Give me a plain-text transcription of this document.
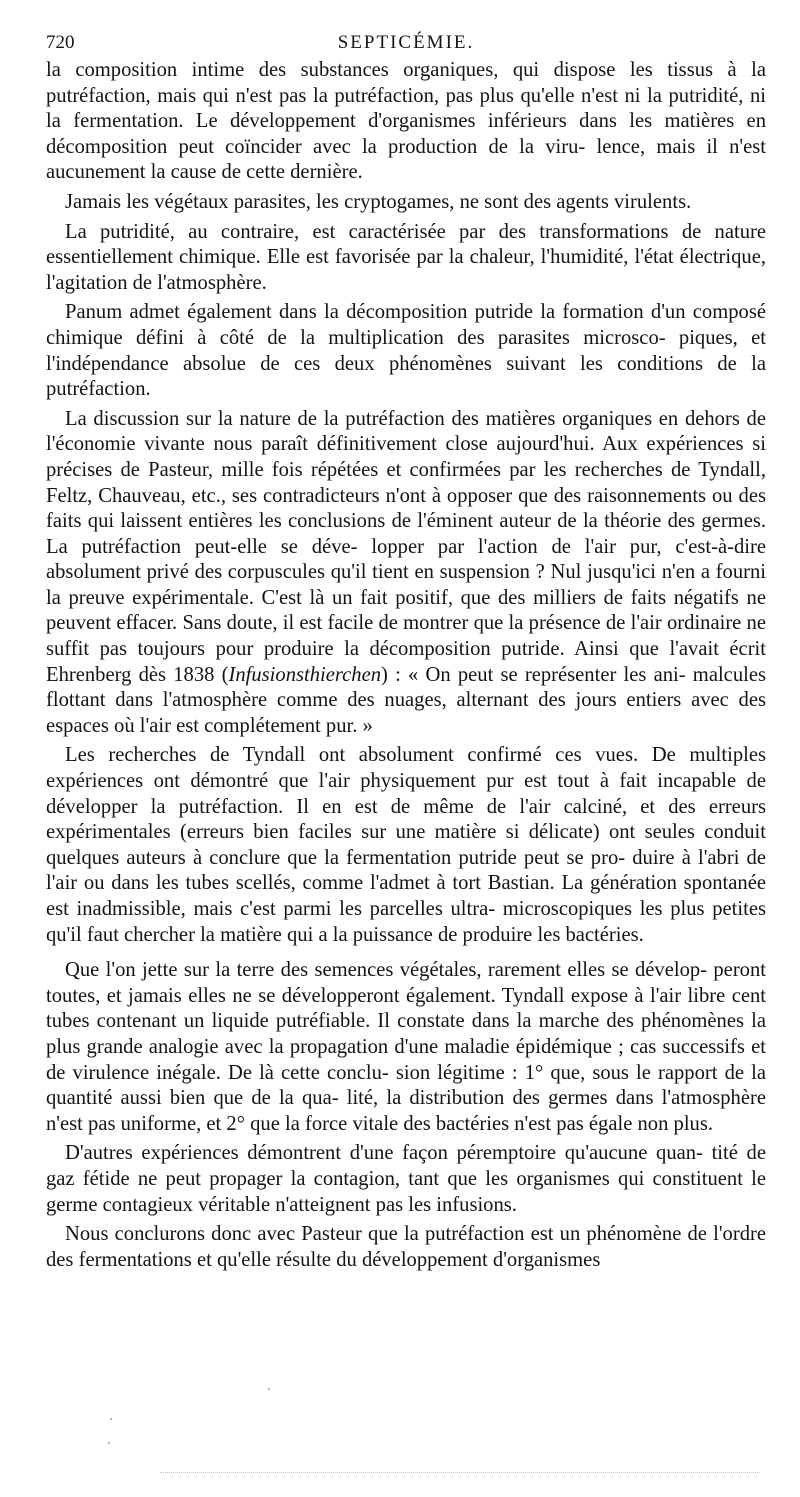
720	SEPTICÉMIE.

la composition intime des substances organiques, qui dispose les tissus à la putréfaction, mais qui n'est pas la putréfaction, pas plus qu'elle n'est ni la putridité, ni la fermentation. Le développement d'organismes inférieurs dans les matières en décomposition peut coïncider avec la production de la viru- lence, mais il n'est aucunement la cause de cette dernière.

Jamais les végétaux parasites, les cryptogames, ne sont des agents virulents.

La putridité, au contraire, est caractérisée par des transformations de nature essentiellement chimique. Elle est favorisée par la chaleur, l'humidité, l'état électrique, l'agitation de l'atmosphère.

Panum admet également dans la décomposition putride la formation d'un composé chimique défini à côté de la multiplication des parasites microsco- piques, et l'indépendance absolue de ces deux phénomènes suivant les conditions de la putréfaction.

La discussion sur la nature de la putréfaction des matières organiques en dehors de l'économie vivante nous paraît définitivement close aujourd'hui. Aux expériences si précises de Pasteur, mille fois répétées et confirmées par les recherches de Tyndall, Feltz, Chauveau, etc., ses contradicteurs n'ont à opposer que des raisonnements ou des faits qui laissent entières les conclusions de l'éminent auteur de la théorie des germes. La putréfaction peut-elle se déve- lopper par l'action de l'air pur, c'est-à-dire absolument privé des corpuscules qu'il tient en suspension ? Nul jusqu'ici n'en a fourni la preuve expérimentale. C'est là un fait positif, que des milliers de faits négatifs ne peuvent effacer. Sans doute, il est facile de montrer que la présence de l'air ordinaire ne suffit pas toujours pour produire la décomposition putride. Ainsi que l'avait écrit Ehrenberg dès 1838 (Infusionsthierchen) : « On peut se représenter les ani- malcules flottant dans l'atmosphère comme des nuages, alternant des jours entiers avec des espaces où l'air est complétement pur. »

Les recherches de Tyndall ont absolument confirmé ces vues. De multiples expériences ont démontré que l'air physiquement pur est tout à fait incapable de développer la putréfaction. Il en est de même de l'air calciné, et des erreurs expérimentales (erreurs bien faciles sur une matière si délicate) ont seules conduit quelques auteurs à conclure que la fermentation putride peut se pro- duire à l'abri de l'air ou dans les tubes scellés, comme l'admet à tort Bastian. La génération spontanée est inadmissible, mais c'est parmi les parcelles ultra- microscopiques les plus petites qu'il faut chercher la matière qui a la puissance de produire les bactéries.

Que l'on jette sur la terre des semences végétales, rarement elles se dévelop- peront toutes, et jamais elles ne se développeront également. Tyndall expose à l'air libre cent tubes contenant un liquide putréfiable. Il constate dans la marche des phénomènes la plus grande analogie avec la propagation d'une maladie épidémique ; cas successifs et de virulence inégale. De là cette conclu- sion légitime : 1° que, sous le rapport de la quantité aussi bien que de la qua- lité, la distribution des germes dans l'atmosphère n'est pas uniforme, et 2° que la force vitale des bactéries n'est pas égale non plus.

D'autres expériences démontrent d'une façon péremptoire qu'aucune quan- tité de gaz fétide ne peut propager la contagion, tant que les organismes qui constituent le germe contagieux véritable n'atteignent pas les infusions.

Nous conclurons donc avec Pasteur que la putréfaction est un phénomène de l'ordre des fermentations et qu'elle résulte du développement d'organismes
